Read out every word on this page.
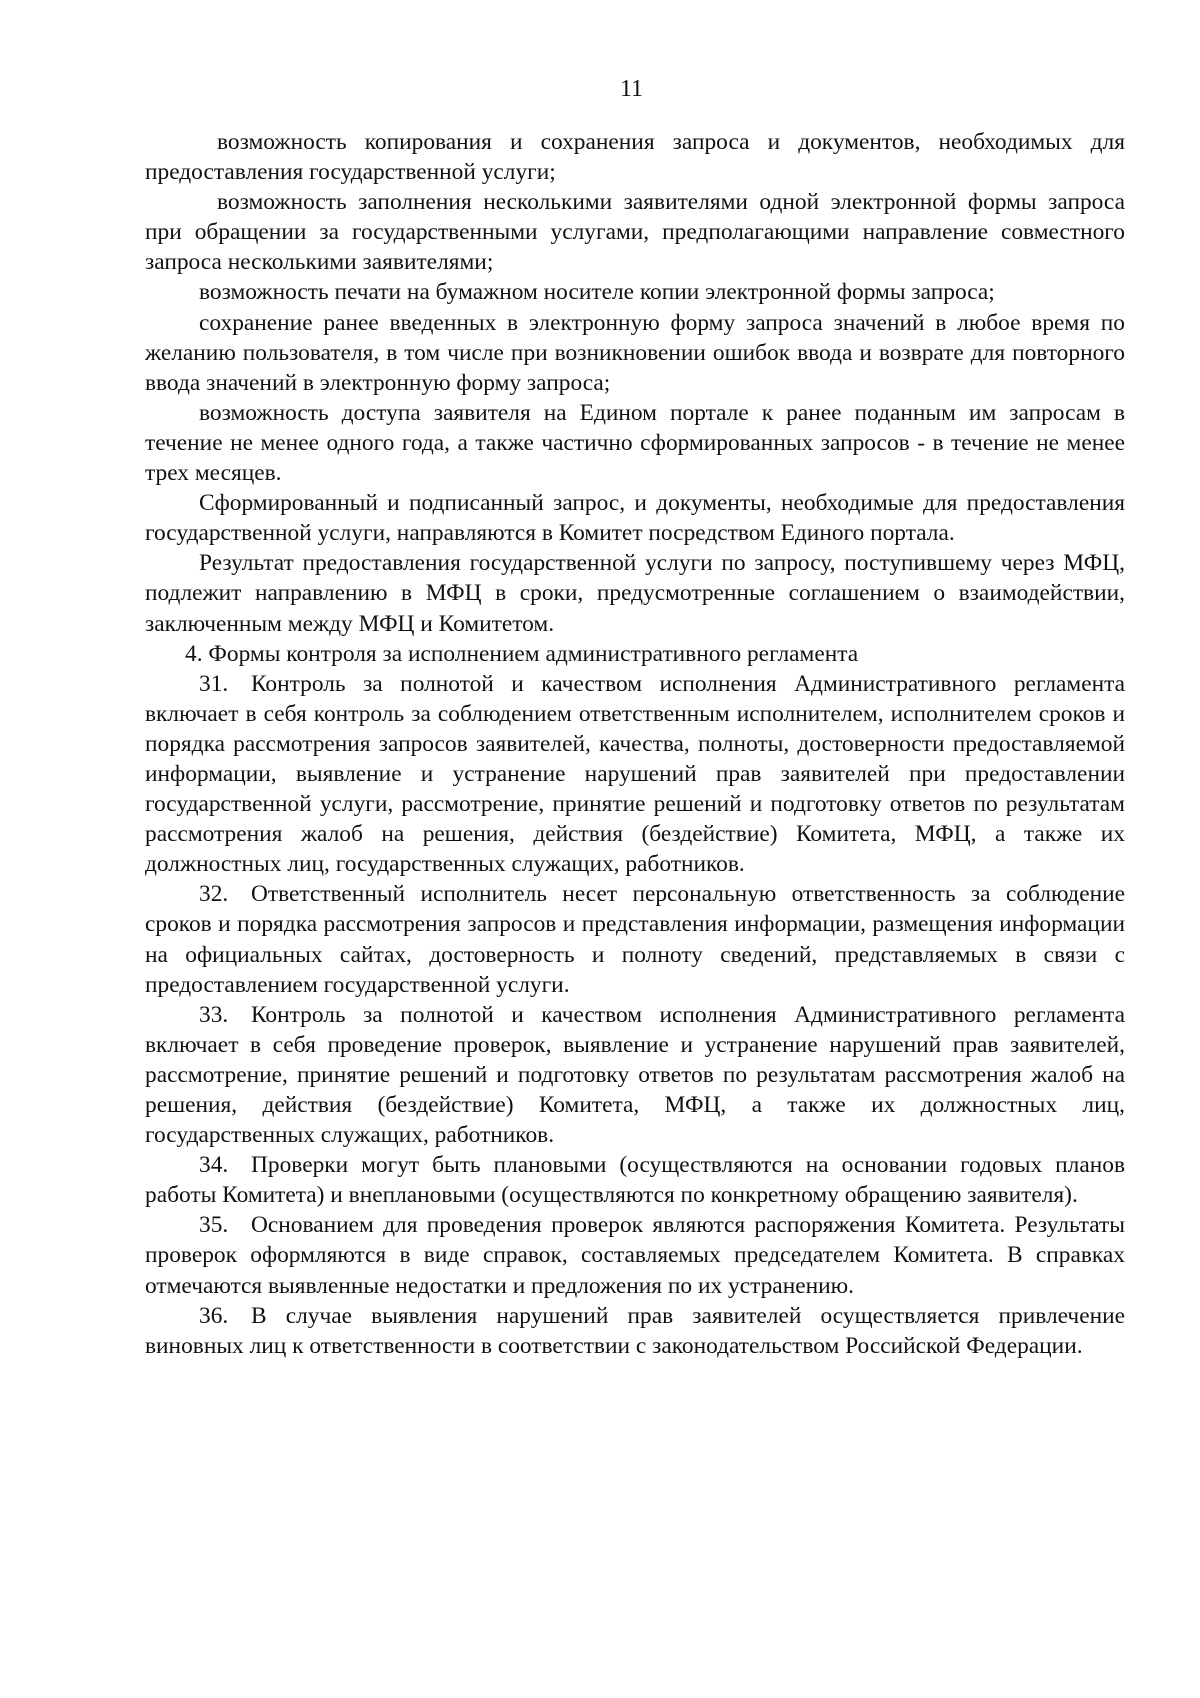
11

возможность копирования и сохранения запроса и документов, необходимых для предоставления государственной услуги;

возможность заполнения несколькими заявителями одной электронной формы запроса при обращении за государственными услугами, предполагающими направление совместного запроса несколькими заявителями;

возможность печати на бумажном носителе копии электронной формы запроса;

сохранение ранее введенных в электронную форму запроса значений в любое время по желанию пользователя, в том числе при возникновении ошибок ввода и возврате для повторного ввода значений в электронную форму запроса;

возможность доступа заявителя на Едином портале к ранее поданным им запросам в течение не менее одного года, а также частично сформированных запросов - в течение не менее трех месяцев.

Сформированный и подписанный запрос, и документы, необходимые для предоставления государственной услуги, направляются в Комитет посредством Единого портала.

Результат предоставления государственной услуги по запросу, поступившему через МФЦ, подлежит направлению в МФЦ в сроки, предусмотренные соглашением о взаимодействии, заключенным между МФЦ и Комитетом.

4. Формы контроля за исполнением административного регламента

31. Контроль за полнотой и качеством исполнения Административного регламента включает в себя контроль за соблюдением ответственным исполнителем, исполнителем сроков и порядка рассмотрения запросов заявителей, качества, полноты, достоверности предоставляемой информации, выявление и устранение нарушений прав заявителей при предоставлении государственной услуги, рассмотрение, принятие решений и подготовку ответов по результатам рассмотрения жалоб на решения, действия (бездействие) Комитета, МФЦ, а также их должностных лиц, государственных служащих, работников.

32. Ответственный исполнитель несет персональную ответственность за соблюдение сроков и порядка рассмотрения запросов и представления информации, размещения информации на официальных сайтах, достоверность и полноту сведений, представляемых в связи с предоставлением государственной услуги.

33. Контроль за полнотой и качеством исполнения Административного регламента включает в себя проведение проверок, выявление и устранение нарушений прав заявителей, рассмотрение, принятие решений и подготовку ответов по результатам рассмотрения жалоб на решения, действия (бездействие) Комитета, МФЦ, а также их должностных лиц, государственных служащих, работников.

34. Проверки могут быть плановыми (осуществляются на основании годовых планов работы Комитета) и внеплановыми (осуществляются по конкретному обращению заявителя).

35. Основанием для проведения проверок являются распоряжения Комитета. Результаты проверок оформляются в виде справок, составляемых председателем Комитета. В справках отмечаются выявленные недостатки и предложения по их устранению.

36. В случае выявления нарушений прав заявителей осуществляется привлечение виновных лиц к ответственности в соответствии с законодательством Российской Федерации.
